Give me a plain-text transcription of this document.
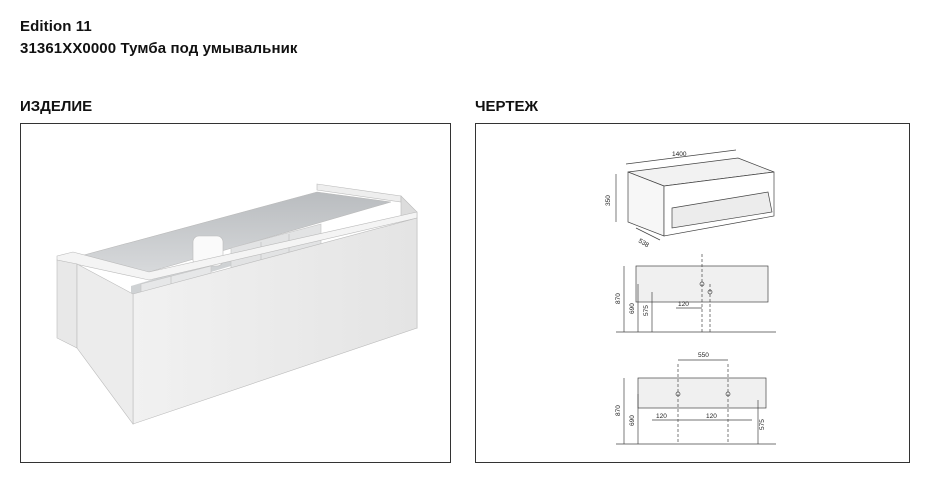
Edition 11
31361XX0000 Тумба под умывальник
ИЗДЕЛИЕ	ЧЕРТЕЖ
1400
350
538
870
690 575
120
550
870
690	120	120
575
